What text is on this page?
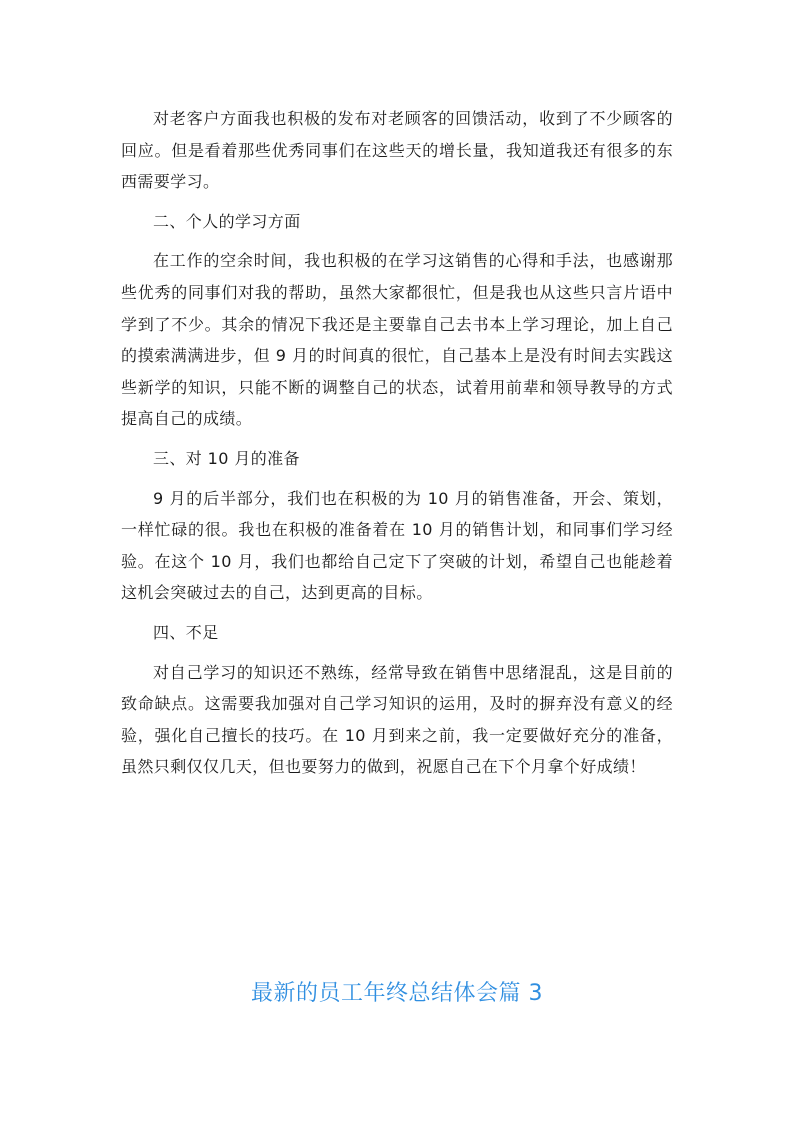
对老客户方面我也积极的发布对老顾客的回馈活动，收到了不少顾客的回应。但是看着那些优秀同事们在这些天的增长量，我知道我还有很多的东西需要学习。

二、个人的学习方面

在工作的空余时间，我也积极的在学习这销售的心得和手法，也感谢那些优秀的同事们对我的帮助，虽然大家都很忙，但是我也从这些只言片语中学到了不少。其余的情况下我还是主要靠自己去书本上学习理论，加上自己的摸索满满进步，但 9 月的时间真的很忙，自己基本上是没有时间去实践这些新学的知识，只能不断的调整自己的状态，试着用前辈和领导教导的方式提高自己的成绩。

三、对 10 月的准备

9 月的后半部分，我们也在积极的为 10 月的销售准备，开会、策划，一样忙碌的很。我也在积极的准备着在 10 月的销售计划，和同事们学习经验。在这个 10 月，我们也都给自己定下了突破的计划，希望自己也能趁着这机会突破过去的自己，达到更高的目标。

四、不足

对自己学习的知识还不熟练，经常导致在销售中思绪混乱，这是目前的致命缺点。这需要我加强对自己学习知识的运用，及时的摒弃没有意义的经验，强化自己擅长的技巧。在 10 月到来之前，我一定要做好充分的准备，虽然只剩仅仅几天，但也要努力的做到，祝愿自己在下个月拿个好成绩！

最新的员工年终总结体会篇 3
